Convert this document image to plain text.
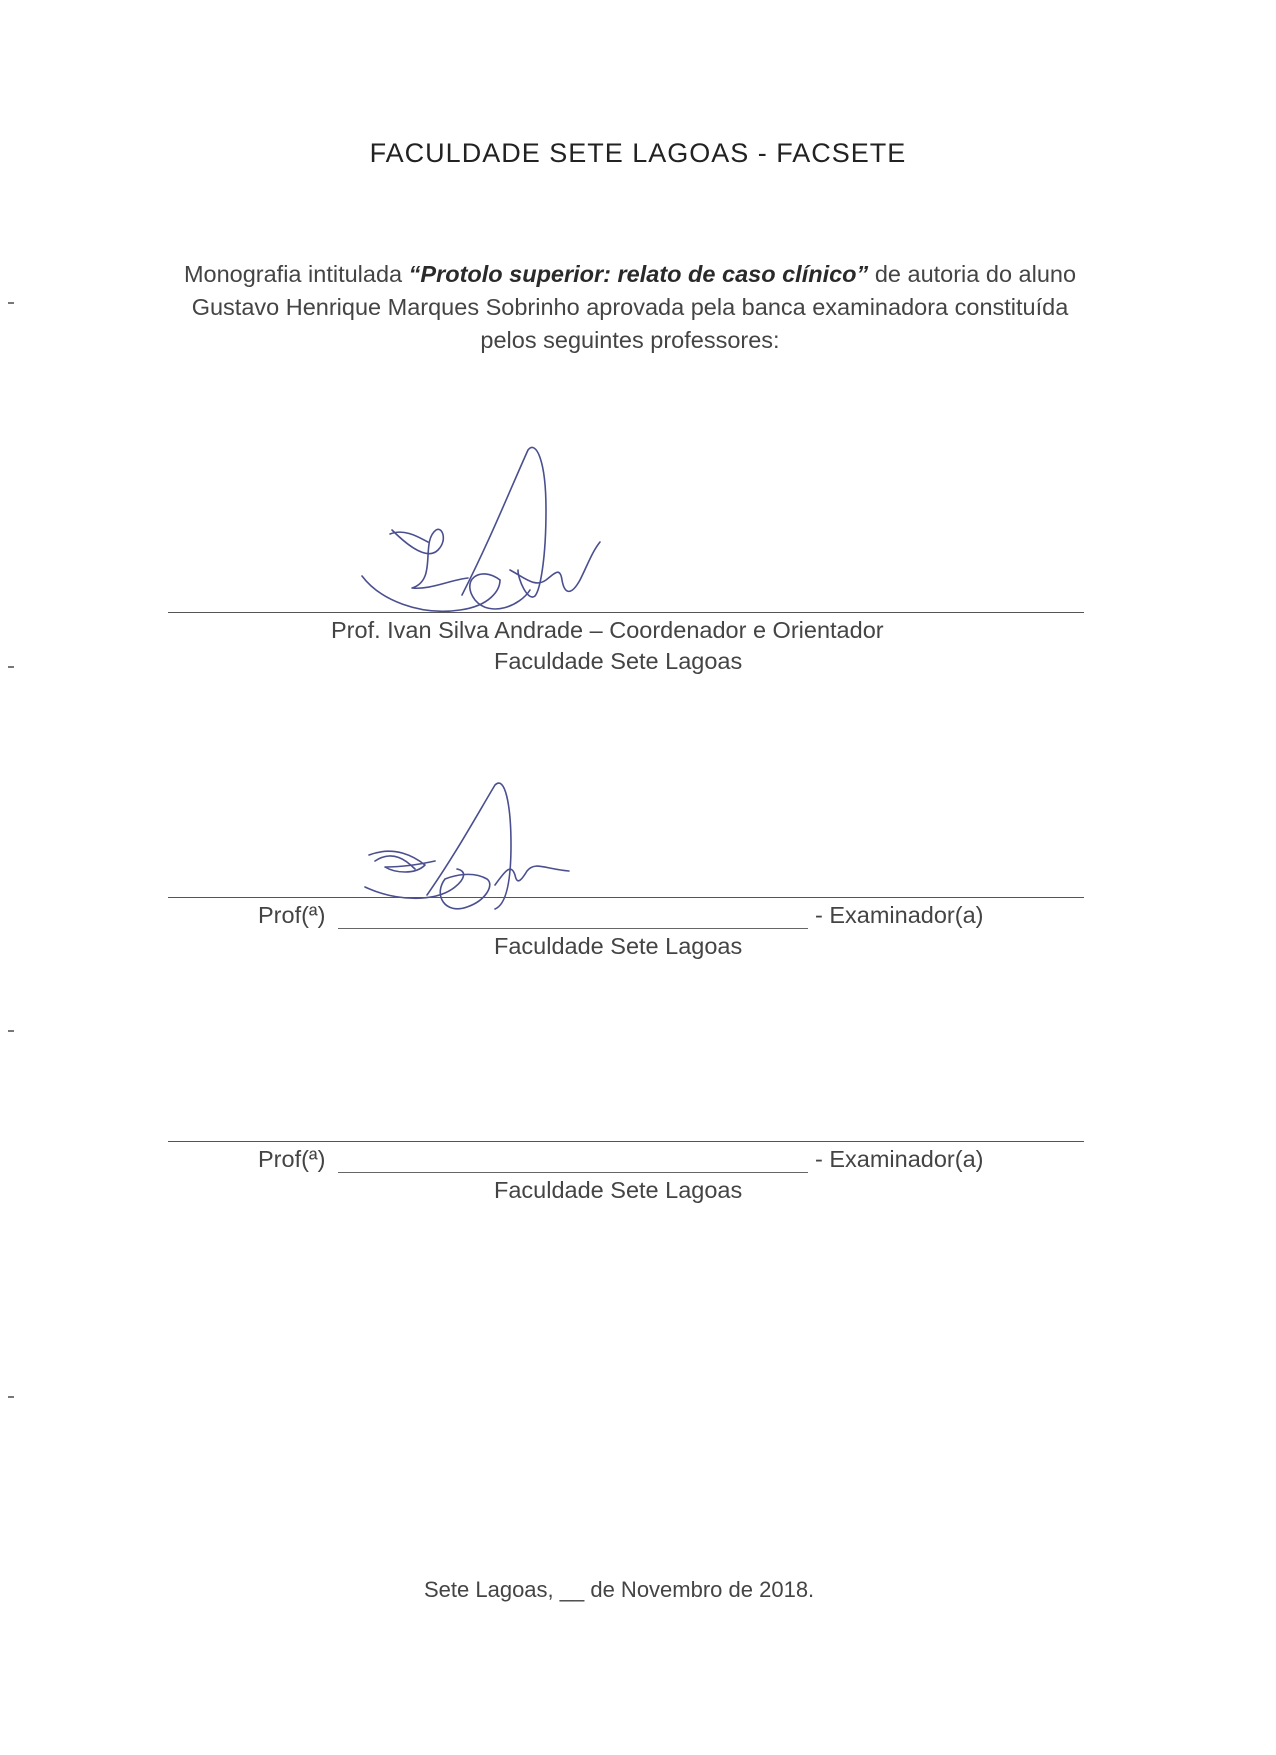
FACULDADE SETE LAGOAS - FACSETE
Monografia intitulada “Protolo superior: relato de caso clínico” de autoria do aluno Gustavo Henrique Marques Sobrinho aprovada pela banca examinadora constituída pelos seguintes professores:
Prof. Ivan Silva Andrade – Coordenador e Orientador
Faculdade Sete Lagoas
Prof(ª)	- Examinador(a)
Faculdade Sete Lagoas
Prof(ª)	- Examinador(a)
Faculdade Sete Lagoas
Sete Lagoas, __ de Novembro de 2018.
